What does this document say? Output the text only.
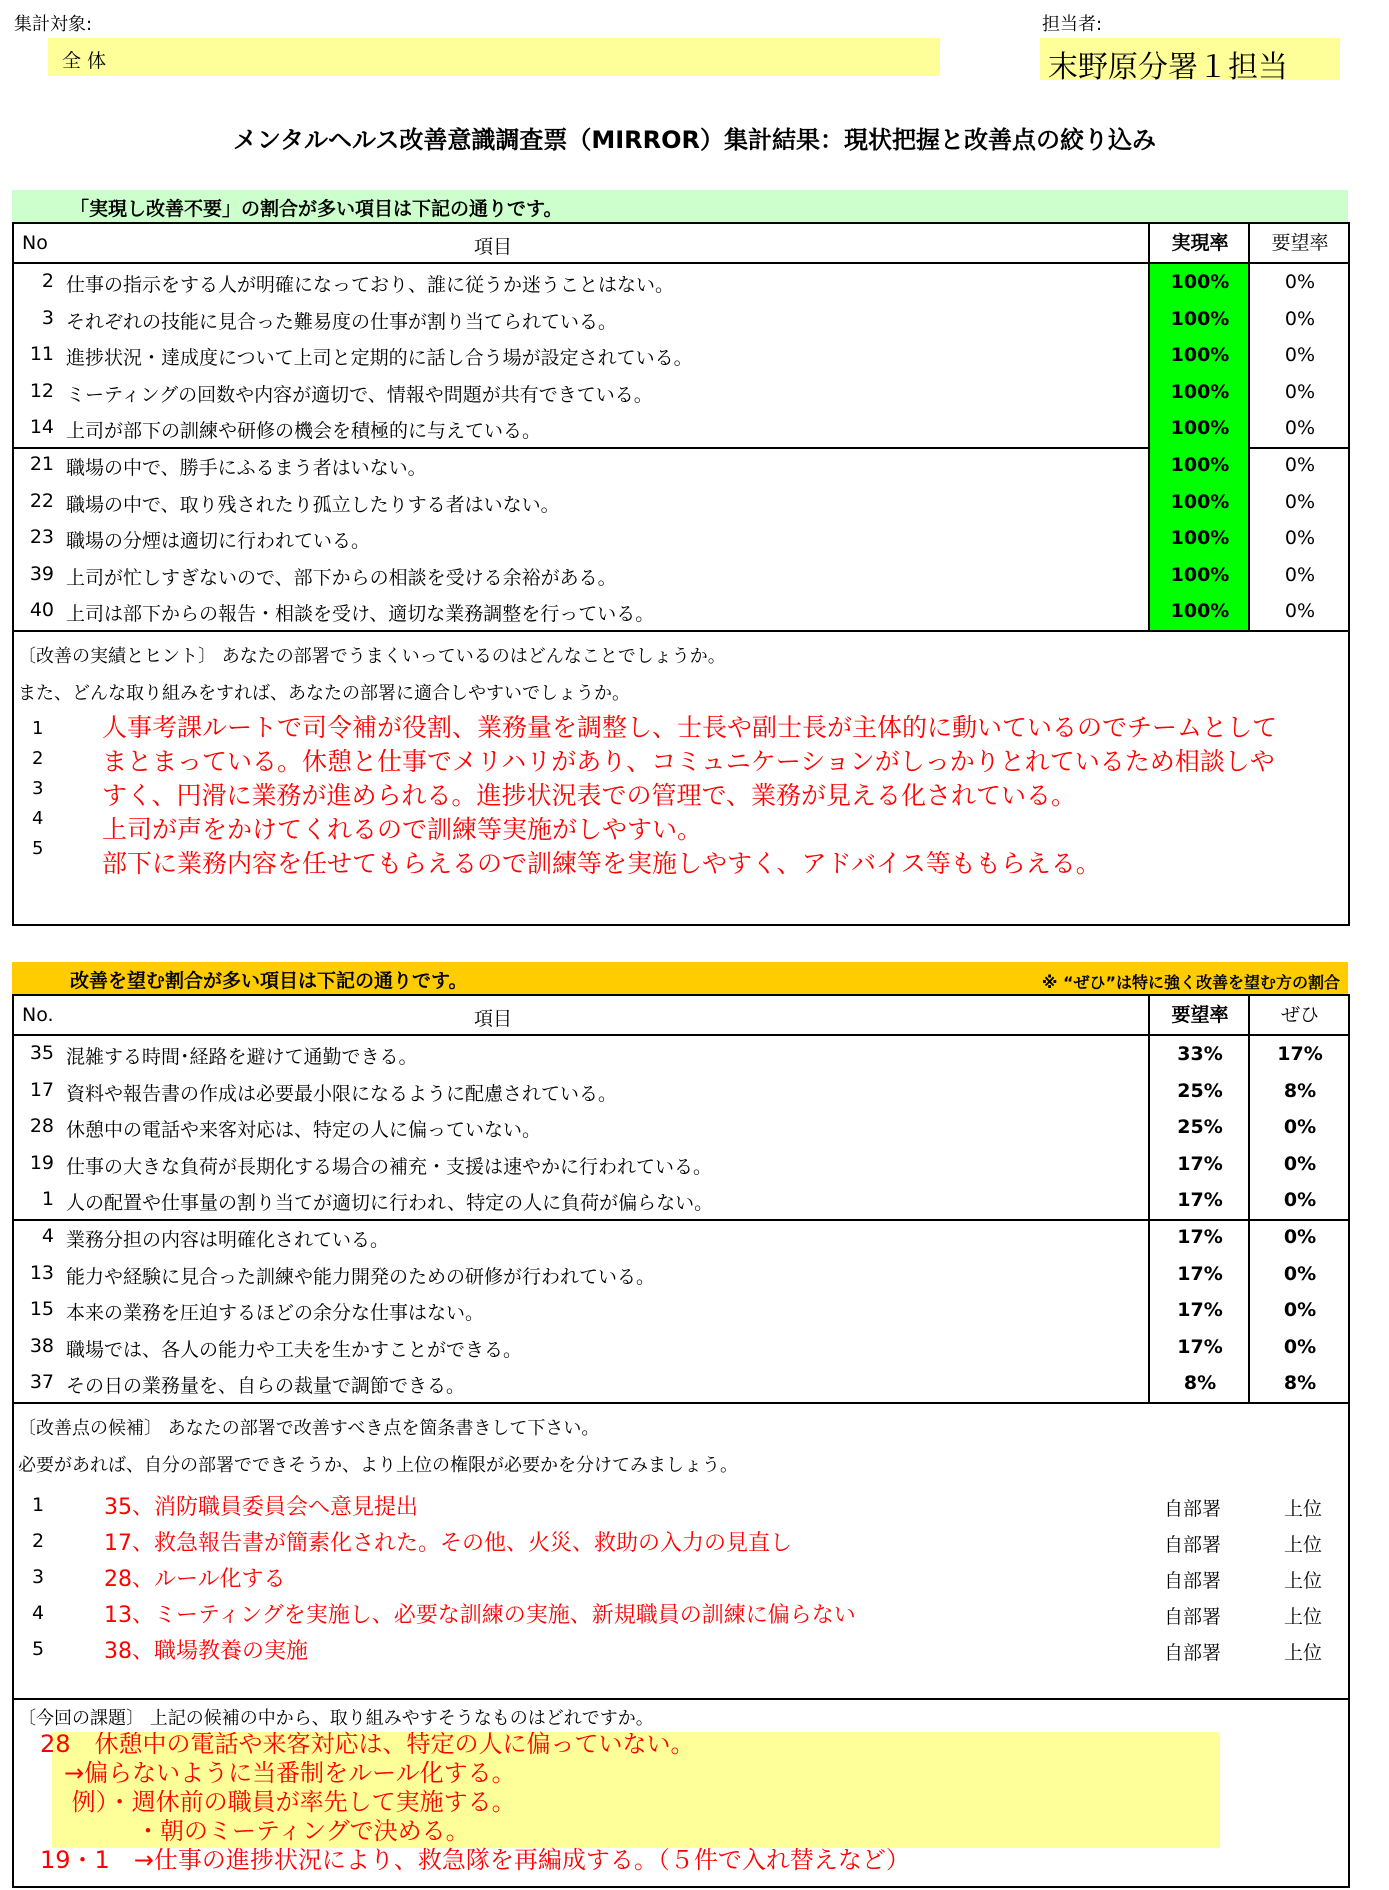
集計対象:
全 体
担当者:
末野原分署１担当
メンタルヘルス改善意識調査票（MIRROR）集計結果：現状把握と改善点の絞り込み
「実現し改善不要」の割合が多い項目は下記の通りです。
No	項目	実現率	要望率
2 仕事の指示をする人が明確になっており、誰に従うか迷うことはない。	100%	0%
3 それぞれの技能に見合った難易度の仕事が割り当てられている。	100%	0%
11 進捗状況・達成度について上司と定期的に話し合う場が設定されている。	100%	0%
12 ミーティングの回数や内容が適切で、情報や問題が共有できている。	100%	0%
14 上司が部下の訓練や研修の機会を積極的に与えている。	100%	0%
21 職場の中で、勝手にふるまう者はいない。	100%	0%
22 職場の中で、取り残されたり孤立したりする者はいない。	100%	0%
23 職場の分煙は適切に行われている。	100%	0%
39 上司が忙しすぎないので、部下からの相談を受ける余裕がある。	100%	0%
40 上司は部下からの報告・相談を受け、適切な業務調整を行っている。	100%	0%
〔改善の実績とヒント〕 あなたの部署でうまくいっているのはどんなことでしょうか。
また、どんな取り組みをすれば、あなたの部署に適合しやすいでしょうか。
1
2
3
4
5
人事考課ルートで司令補が役割、業務量を調整し、士長や副士長が主体的に動いているのでチームとして
まとまっている。休憩と仕事でメリハリがあり、コミュニケーションがしっかりとれているため相談しや
すく、円滑に業務が進められる。進捗状況表での管理で、業務が見える化されている。
上司が声をかけてくれるので訓練等実施がしやすい。
部下に業務内容を任せてもらえるので訓練等を実施しやすく、アドバイス等ももらえる。
改善を望む割合が多い項目は下記の通りです。	※ “ぜひ”は特に強く改善を望む方の割合
No.	項目	要望率	ぜひ
35 混雑する時間･経路を避けて通勤できる。	33%	17%
17 資料や報告書の作成は必要最小限になるように配慮されている。	25%	8%
28 休憩中の電話や来客対応は、特定の人に偏っていない。	25%	0%
19 仕事の大きな負荷が長期化する場合の補充・支援は速やかに行われている。	17%	0%
1 人の配置や仕事量の割り当てが適切に行われ、特定の人に負荷が偏らない。	17%	0%
4 業務分担の内容は明確化されている。	17%	0%
13 能力や経験に見合った訓練や能力開発のための研修が行われている。	17%	0%
15 本来の業務を圧迫するほどの余分な仕事はない。	17%	0%
38 職場では、各人の能力や工夫を生かすことができる。	17%	0%
37 その日の業務量を、自らの裁量で調節できる。	8%	8%
〔改善点の候補〕 あなたの部署で改善すべき点を箇条書きして下さい。
必要があれば、自分の部署でできそうか、より上位の権限が必要かを分けてみましょう。
1	35、消防職員委員会へ意見提出	自部署	上位
2	17、救急報告書が簡素化された。その他、火災、救助の入力の見直し	自部署	上位
3	28、ルール化する	自部署	上位
4	13、ミーティングを実施し、必要な訓練の実施、新規職員の訓練に偏らない	自部署	上位
5	38、職場教養の実施	自部署	上位
〔今回の課題〕 上記の候補の中から、取り組みやすそうなものはどれですか。
28　休憩中の電話や来客対応は、特定の人に偏っていない。
　→偏らないように当番制をルール化する。
　 例）・週休前の職員が率先して実施する。
　　　　・朝のミーティングで決める。
19・1　→仕事の進捗状況により、救急隊を再編成する。（５件で入れ替えなど）
